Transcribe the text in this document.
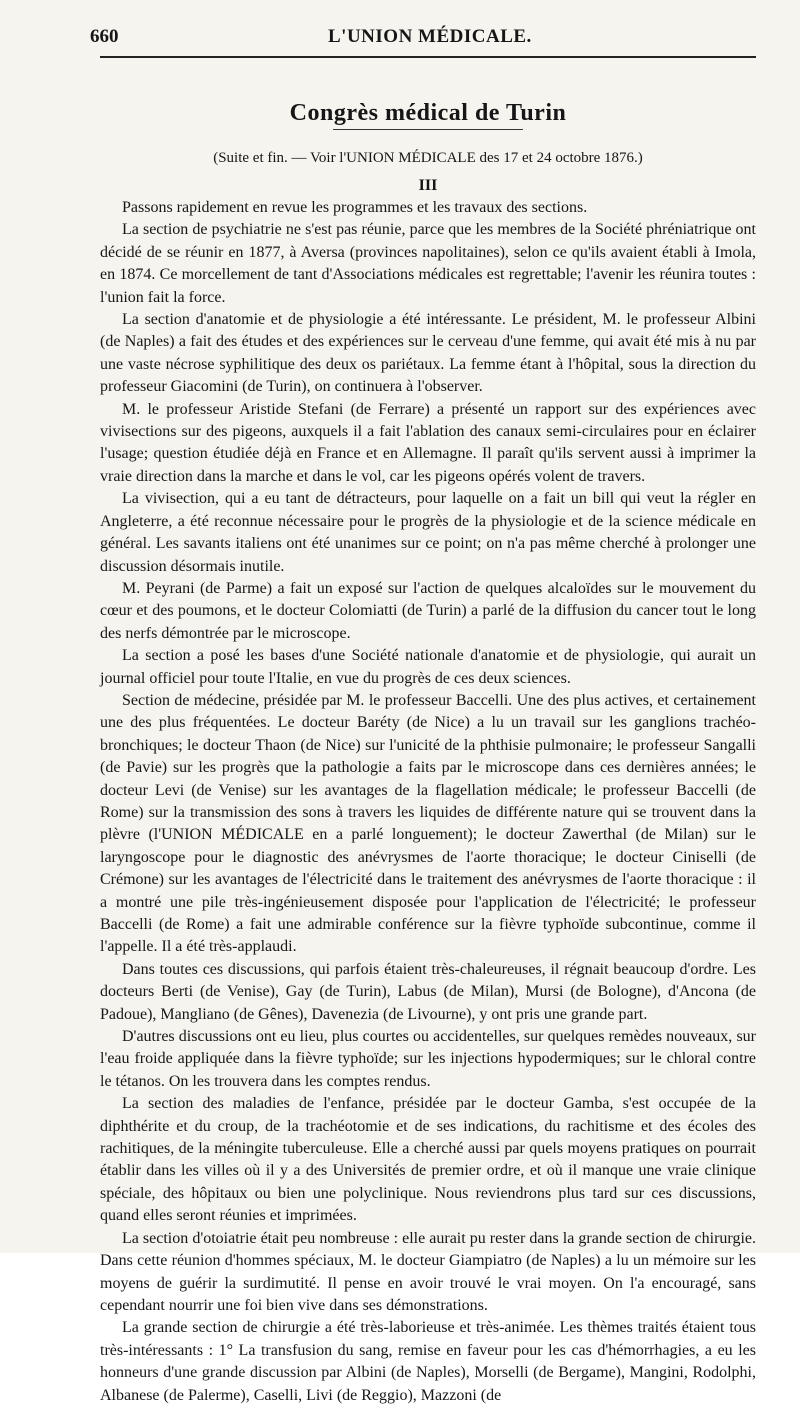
660	L'UNION MÉDICALE.
Congrès médical de Turin
(Suite et fin. — Voir l'UNION MÉDICALE des 17 et 24 octobre 1876.)
III

Passons rapidement en revue les programmes et les travaux des sections.

La section de psychiatrie ne s'est pas réunie, parce que les membres de la Société phréniatrique ont décidé de se réunir en 1877, à Aversa (provinces napolitaines), selon ce qu'ils avaient établi à Imola, en 1874. Ce morcellement de tant d'Associations médicales est regrettable; l'avenir les réunira toutes : l'union fait la force.

La section d'anatomie et de physiologie a été intéressante. Le président, M. le professeur Albini (de Naples) a fait des études et des expériences sur le cerveau d'une femme, qui avait été mis à nu par une vaste nécrose syphilitique des deux os pariétaux. La femme étant à l'hôpital, sous la direction du professeur Giacomini (de Turin), on continuera à l'observer.

M. le professeur Aristide Stefani (de Ferrare) a présenté un rapport sur des expériences avec vivisections sur des pigeons, auxquels il a fait l'ablation des canaux semi-circulaires pour en éclairer l'usage; question étudiée déjà en France et en Allemagne. Il paraît qu'ils servent aussi à imprimer la vraie direction dans la marche et dans le vol, car les pigeons opérés volent de travers.

La vivisection, qui a eu tant de détracteurs, pour laquelle on a fait un bill qui veut la régler en Angleterre, a été reconnue nécessaire pour le progrès de la physiologie et de la science médicale en général. Les savants italiens ont été unanimes sur ce point; on n'a pas même cherché à prolonger une discussion désormais inutile.

M. Peyrani (de Parme) a fait un exposé sur l'action de quelques alcaloïdes sur le mouvement du cœur et des poumons, et le docteur Colomiatti (de Turin) a parlé de la diffusion du cancer tout le long des nerfs démontrée par le microscope.

La section a posé les bases d'une Société nationale d'anatomie et de physiologie, qui aurait un journal officiel pour toute l'Italie, en vue du progrès de ces deux sciences.

Section de médecine, présidée par M. le professeur Baccelli. Une des plus actives, et certainement une des plus fréquentées. Le docteur Baréty (de Nice) a lu un travail sur les ganglions trachéo-bronchiques; le docteur Thaon (de Nice) sur l'unicité de la phthisie pulmonaire; le professeur Sangalli (de Pavie) sur les progrès que la pathologie a faits par le microscope dans ces dernières années; le docteur Levi (de Venise) sur les avantages de la flagellation médicale; le professeur Baccelli (de Rome) sur la transmission des sons à travers les liquides de différente nature qui se trouvent dans la plèvre (l'UNION MÉDICALE en a parlé longuement); le docteur Zawerthal (de Milan) sur le laryngoscope pour le diagnostic des anévrysmes de l'aorte thoracique; le docteur Ciniselli (de Crémone) sur les avantages de l'électricité dans le traitement des anévrysmes de l'aorte thoracique : il a montré une pile très-ingénieusement disposée pour l'application de l'électricité; le professeur Baccelli (de Rome) a fait une admirable conférence sur la fièvre typhoïde subcontinue, comme il l'appelle. Il a été très-applaudi.

Dans toutes ces discussions, qui parfois étaient très-chaleureuses, il régnait beaucoup d'ordre. Les docteurs Berti (de Venise), Gay (de Turin), Labus (de Milan), Mursi (de Bologne), d'Ancona (de Padoue), Mangliano (de Gênes), Davenezia (de Livourne), y ont pris une grande part.

D'autres discussions ont eu lieu, plus courtes ou accidentelles, sur quelques remèdes nouveaux, sur l'eau froide appliquée dans la fièvre typhoïde; sur les injections hypodermiques; sur le chloral contre le tétanos. On les trouvera dans les comptes rendus.

La section des maladies de l'enfance, présidée par le docteur Gamba, s'est occupée de la diphthérite et du croup, de la trachéotomie et de ses indications, du rachitisme et des écoles des rachitiques, de la méningite tuberculeuse. Elle a cherché aussi par quels moyens pratiques on pourrait établir dans les villes où il y a des Universités de premier ordre, et où il manque une vraie clinique spéciale, des hôpitaux ou bien une polyclinique. Nous reviendrons plus tard sur ces discussions, quand elles seront réunies et imprimées.

La section d'otoiatrie était peu nombreuse : elle aurait pu rester dans la grande section de chirurgie. Dans cette réunion d'hommes spéciaux, M. le docteur Giampiatro (de Naples) a lu un mémoire sur les moyens de guérir la surdimutité. Il pense en avoir trouvé le vrai moyen. On l'a encouragé, sans cependant nourrir une foi bien vive dans ses démonstrations.

La grande section de chirurgie a été très-laborieuse et très-animée. Les thèmes traités étaient tous très-intéressants : 1° La transfusion du sang, remise en faveur pour les cas d'hémorrhagies, a eu les honneurs d'une grande discussion par Albini (de Naples), Morselli (de Bergame), Mangini, Rodolphi, Albanese (de Palerme), Caselli, Livi (de Reggio), Mazzoni (de
